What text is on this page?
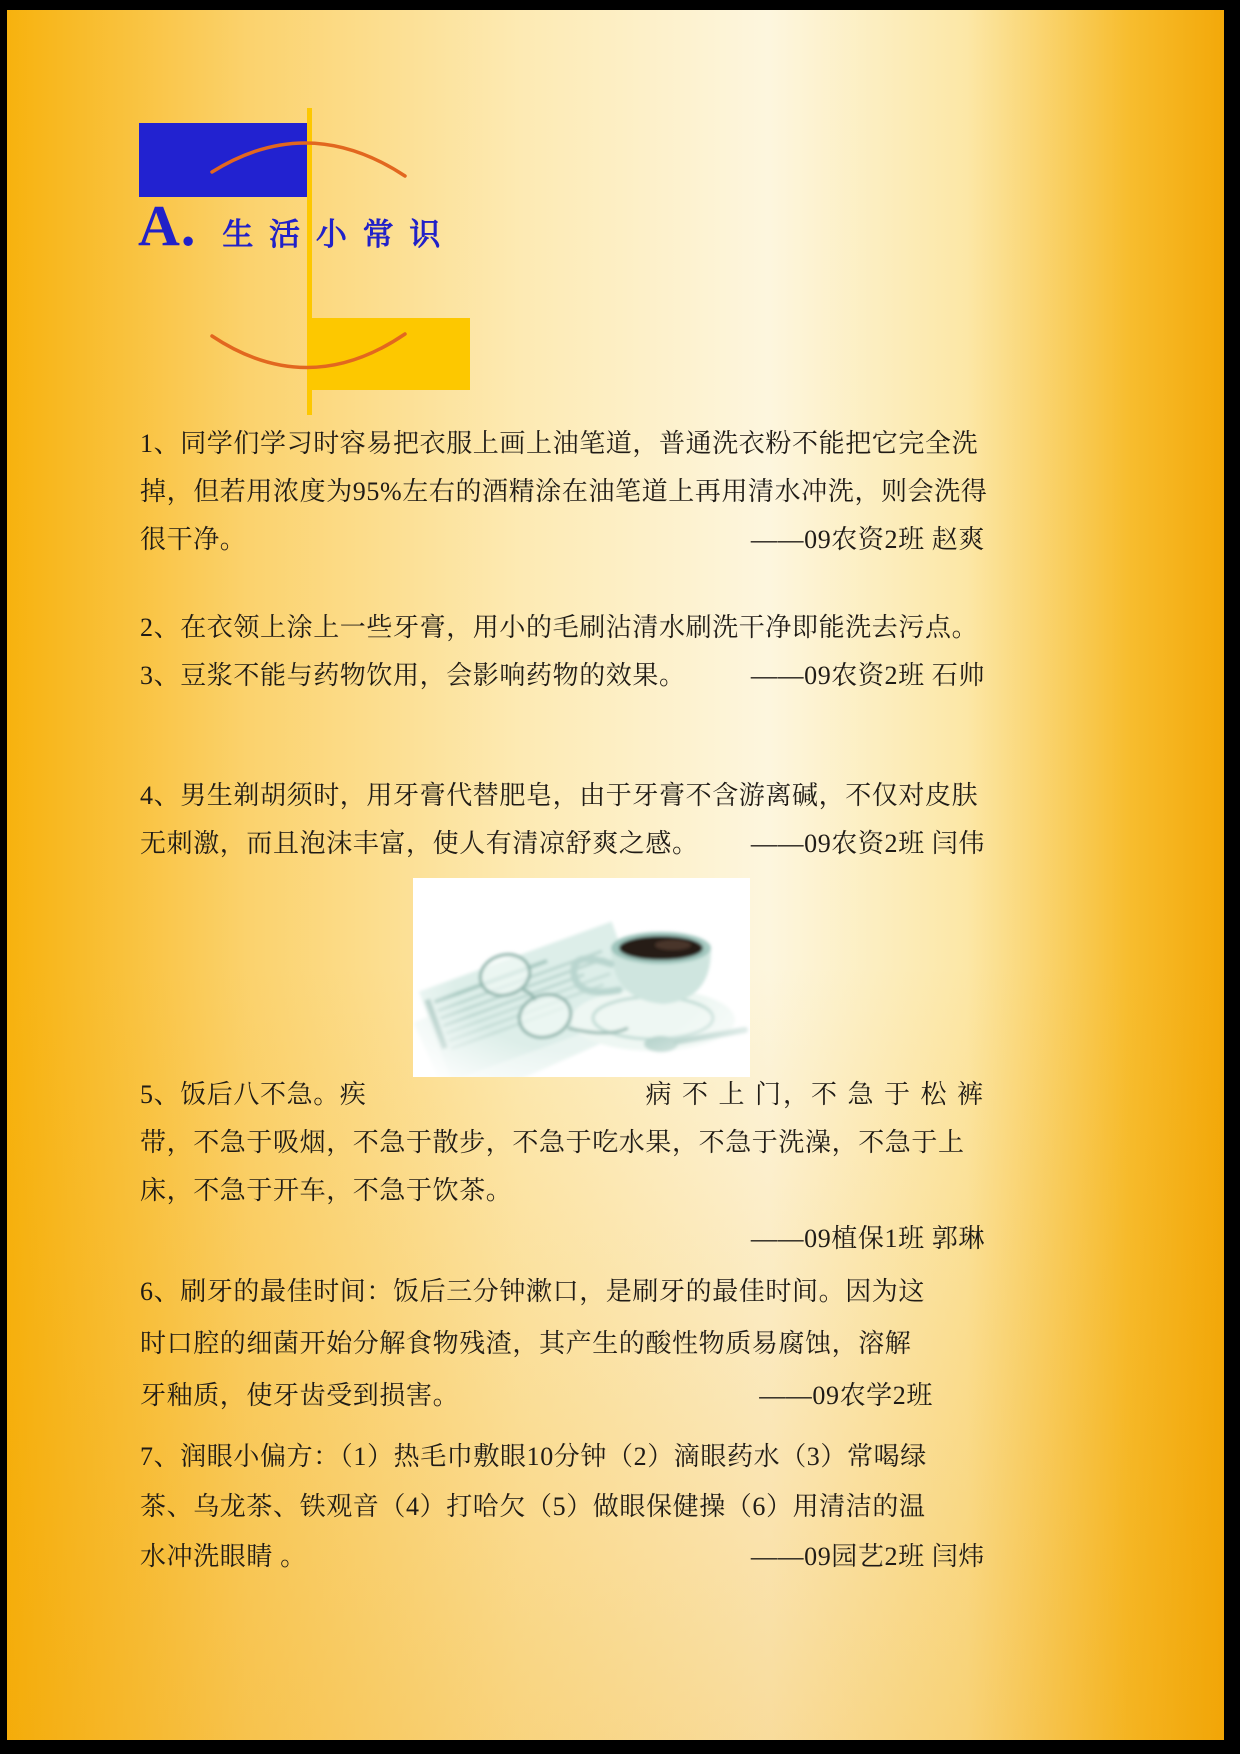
A. 生 活 小 常 识
1、同学们学习时容易把衣服上画上油笔道，普通洗衣粉不能把它完全洗
掉，但若用浓度为95%左右的酒精涂在油笔道上再用清水冲洗，则会洗得
很干净。	——09农资2班 赵爽
2、在衣领上涂上一些牙膏，用小的毛刷沾清水刷洗干净即能洗去污点。
3、豆浆不能与药物饮用，会影响药物的效果。	——09农资2班 石帅
4、男生剃胡须时，用牙膏代替肥皂，由于牙膏不含游离碱，不仅对皮肤
无刺激，而且泡沫丰富，使人有清凉舒爽之感。 ——09农资2班 闫伟
5、饭后八不急。疾	病 不 上 门，不 急 于 松 裤
带，不急于吸烟，不急于散步，不急于吃水果，不急于洗澡，不急于上
床，不急于开车，不急于饮茶。
——09植保1班 郭琳
6、刷牙的最佳时间：饭后三分钟漱口，是刷牙的最佳时间。因为这
时口腔的细菌开始分解食物残渣，其产生的酸性物质易腐蚀，溶解
牙釉质，使牙齿受到损害。	——09农学2班
7、润眼小偏方：（1）热毛巾敷眼10分钟（2）滴眼药水（3）常喝绿
茶、乌龙茶、铁观音（4）打哈欠（5）做眼保健操（6）用清洁的温
水冲洗眼睛 。	——09园艺2班 闫炜
